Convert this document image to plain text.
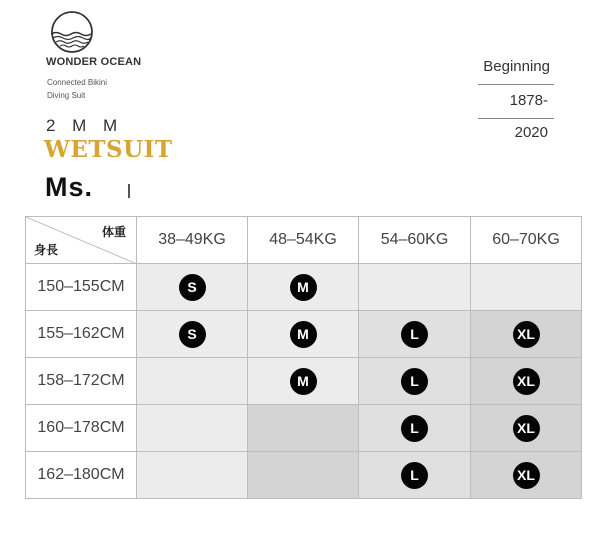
WONDER OCEAN
Connected Bikini
Diving Suit
2 M M
WETSUIT
Ms.
Beginning
1878-
2020
体重
身長	38–49KG	48–54KG	54–60KG	60–70KG
150–155CM	S	M		
155–162CM	S	M	L	XL
158–172CM		M	L	XL
160–178CM			L	XL
162–180CM			L	XL
